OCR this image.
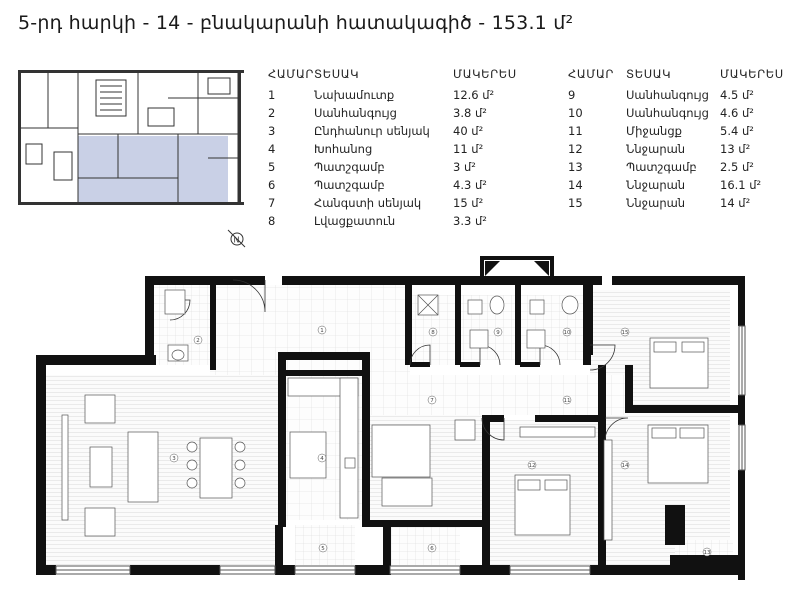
5-րդ հարկի - 14 - բնակարանի հատակագիծ - 153.1 մ²
N
ՀԱՄԱՐ ՏԵՍԱԿ	ՄԱԿԵՐԵՍ
1	Նախամուտք	12.6 մ²
2	Սանհանգույց	3.8 մ²
3	Ընդհանուր սենյակ 40 մ²
4	Խոհանոց	11 մ²
5	Պատշգամբ	3 մ²
6	Պատշգամբ	4.3 մ²
7	Հանգստի սենյակ	15 մ²
8	Լվացքատուն	3.3 մ²
ՀԱՄԱՐ ՏԵՍԱԿ	ՄԱԿԵՐԵՍ
9	Սանհանգույց 4.5 մ²
10	Սանհանգույց 4.6 մ²
11	Միջանցք	5.4 մ²
12	Ննջարան	13 մ²
13	Պատշգամբ 2.5 մ²
14	Ննջարան	16.1 մ²
15	Ննջարան	14 մ²
1
2
3	4
5	6
7
8	9	10
11
12
13
14
15
